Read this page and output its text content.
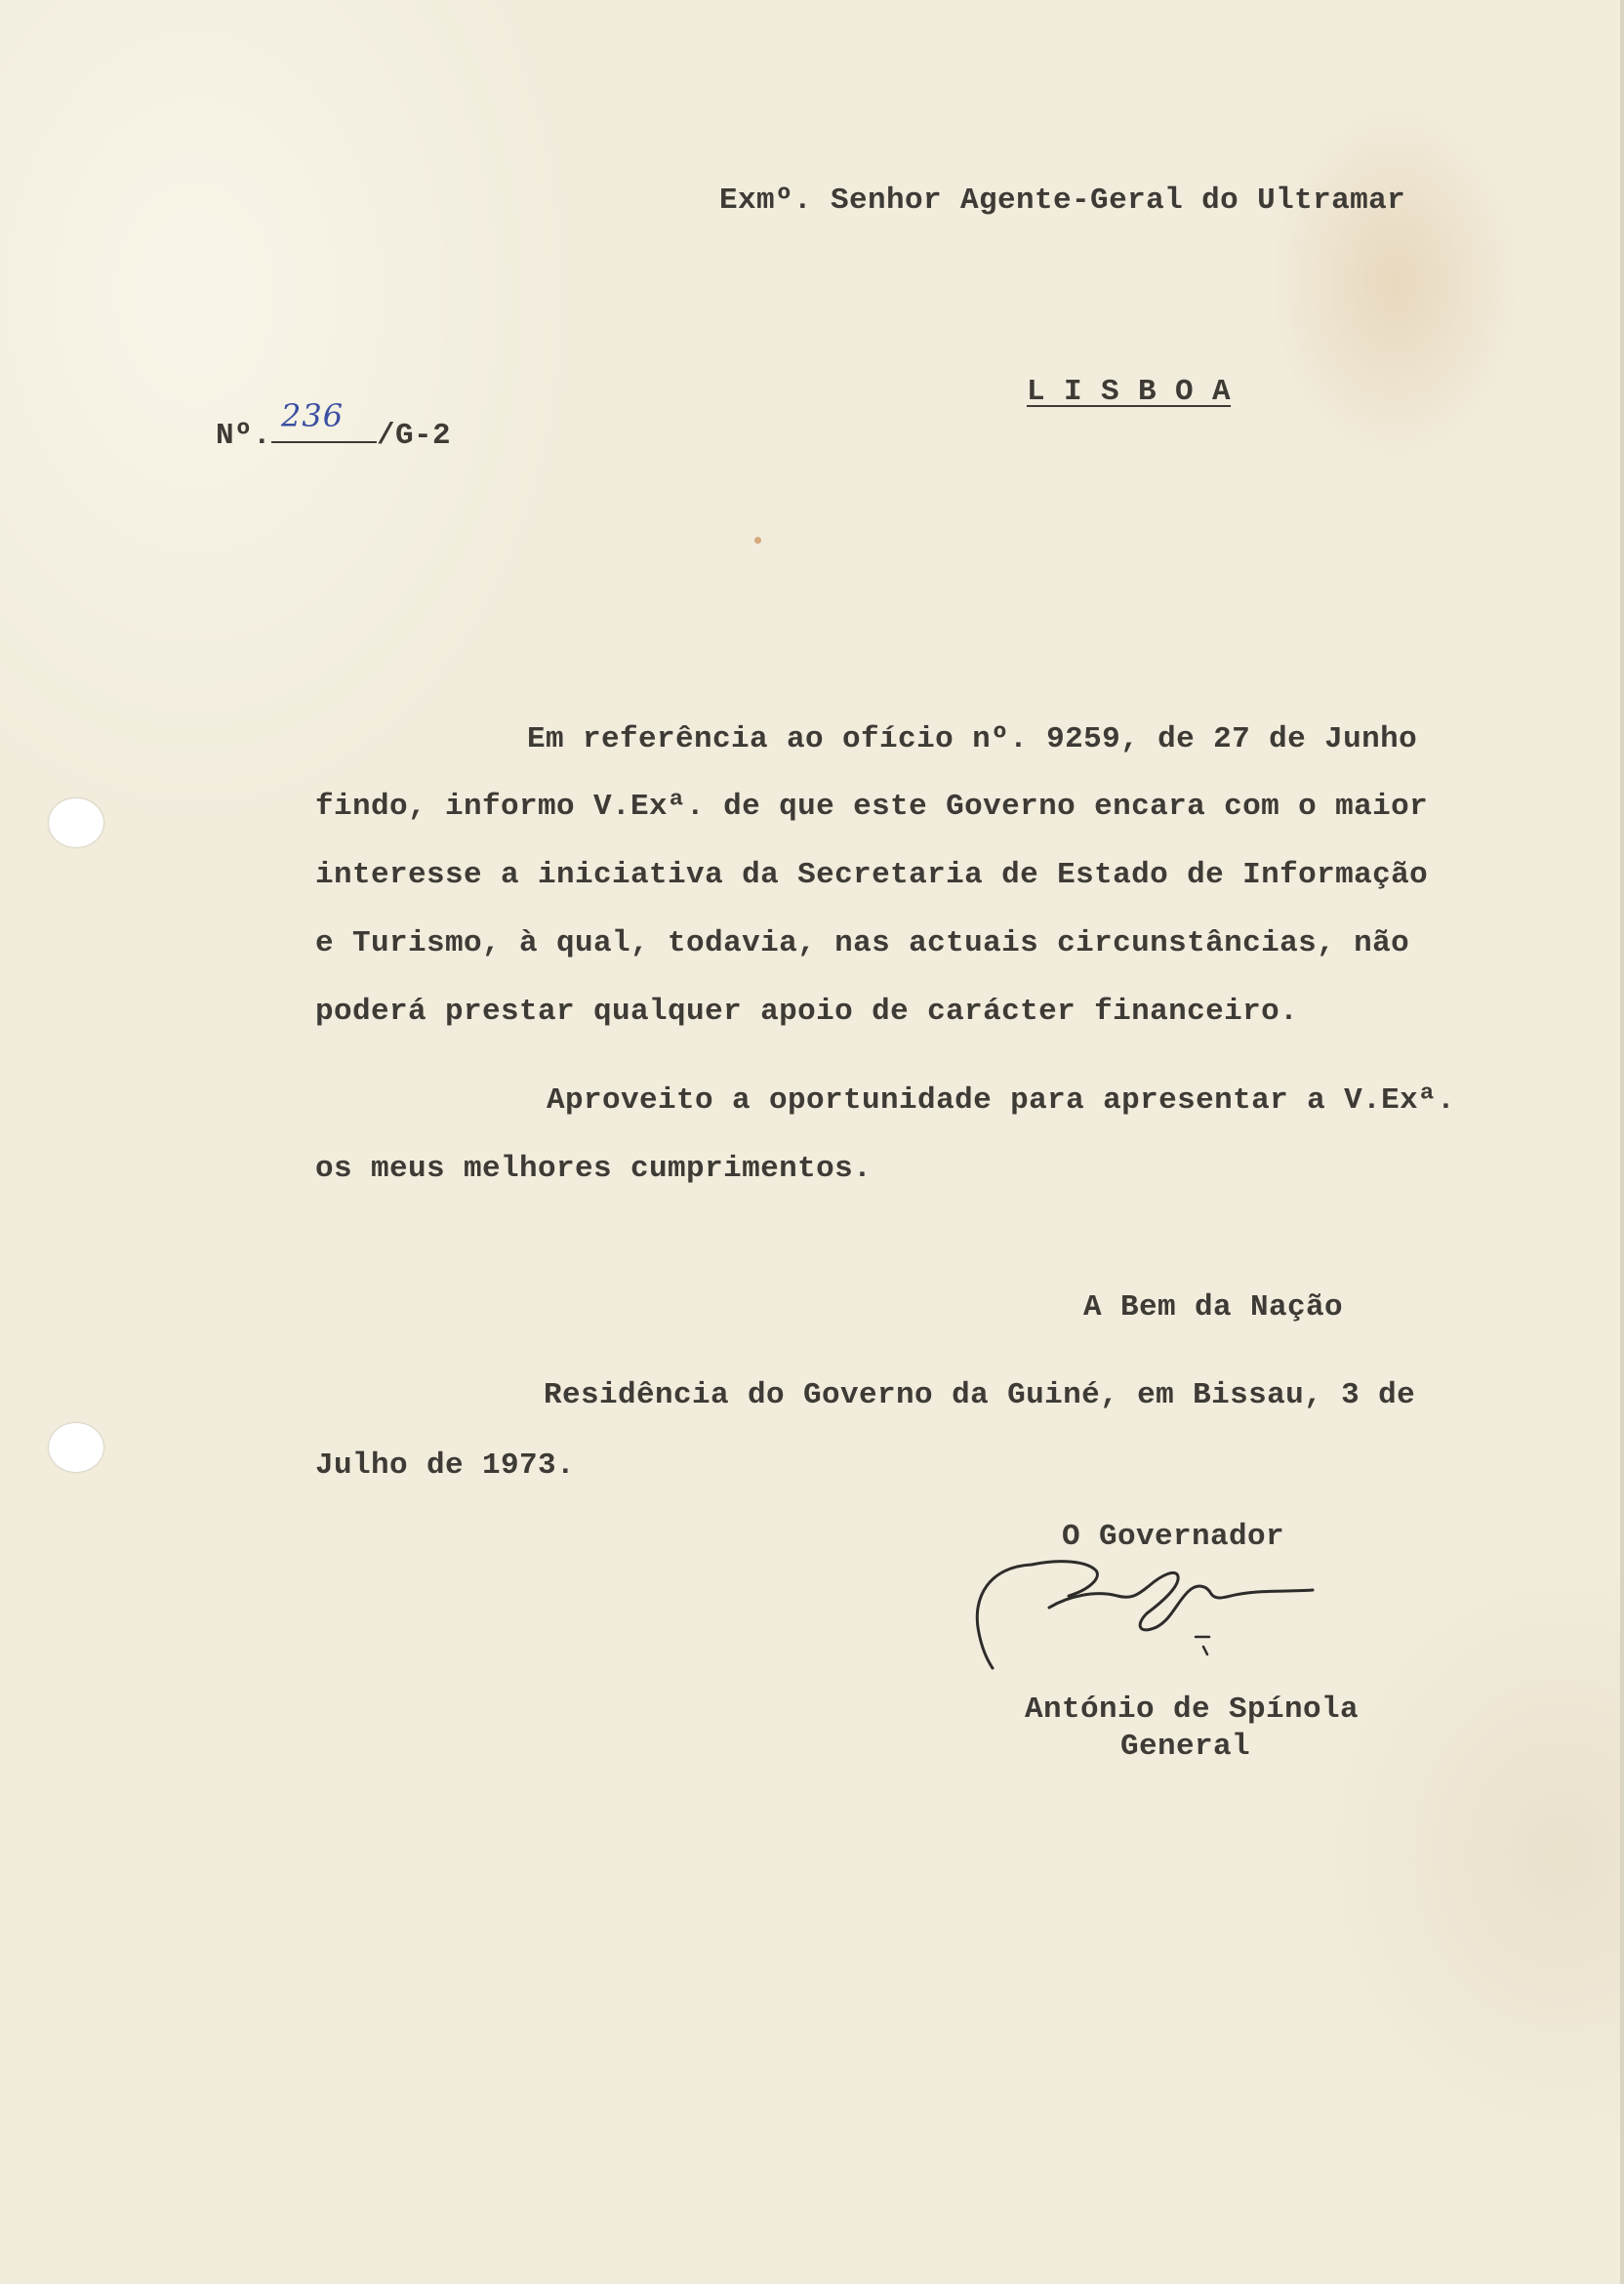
Exmº. Senhor Agente-Geral do Ultramar

Nº.
236
/G-2

L I S B O A
Em referência ao ofício nº. 9259, de 27 de Junho
findo, informo V.Exª. de que este Governo encara com o maior
interesse a iniciativa da Secretaria de Estado de Informação
e Turismo, à qual, todavia, nas actuais circunstâncias, não
poderá prestar qualquer apoio de carácter financeiro.
Aproveito a oportunidade para apresentar a V.Exª.
os meus melhores cumprimentos.
A Bem da Nação
Residência do Governo da Guiné, em Bissau, 3 de
Julho de 1973.
O Governador
António de Spínola
General
